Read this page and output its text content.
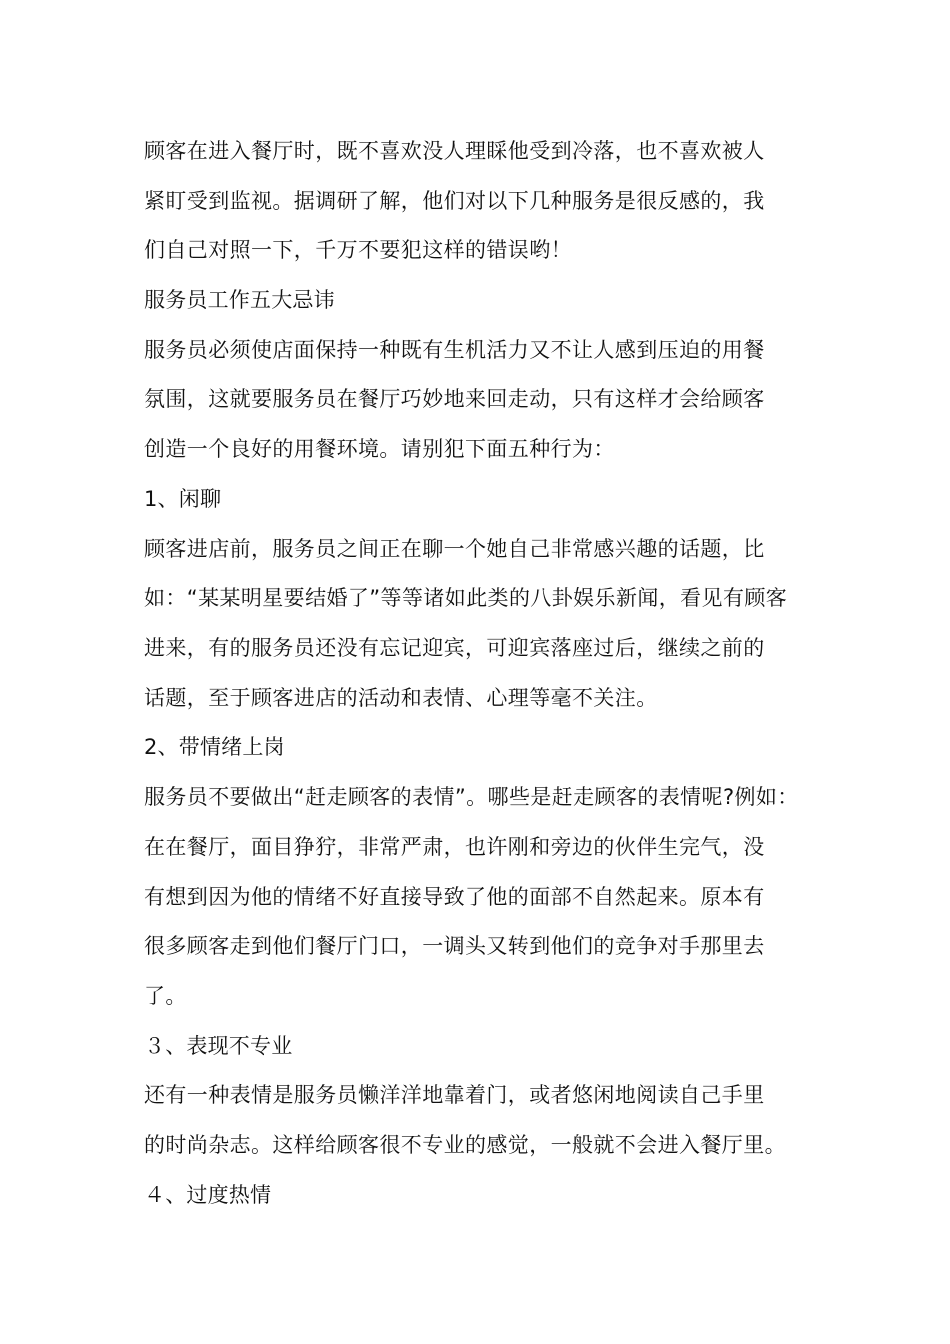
顾客在进入餐厅时，既不喜欢没人理睬他受到冷落，也不喜欢被人
紧盯受到监视。据调研了解，他们对以下几种服务是很反感的，我
们自己对照一下，千万不要犯这样的错误哟！
服务员工作五大忌讳
服务员必须使店面保持一种既有生机活力又不让人感到压迫的用餐
氛围，这就要服务员在餐厅巧妙地来回走动，只有这样才会给顾客
创造一个良好的用餐环境。请别犯下面五种行为：
1、闲聊
顾客进店前，服务员之间正在聊一个她自己非常感兴趣的话题，比
如：“某某明星要结婚了”等等诸如此类的八卦娱乐新闻，看见有顾客
进来，有的服务员还没有忘记迎宾，可迎宾落座过后，继续之前的
话题，至于顾客进店的活动和表情、心理等毫不关注。
2、带情绪上岗
服务员不要做出“赶走顾客的表情”。哪些是赶走顾客的表情呢?例如：
在在餐厅，面目狰狞，非常严肃，也许刚和旁边的伙伴生完气，没
有想到因为他的情绪不好直接导致了他的面部不自然起来。原本有
很多顾客走到他们餐厅门口，一调头又转到他们的竞争对手那里去
了。
３、表现不专业
还有一种表情是服务员懒洋洋地靠着门，或者悠闲地阅读自己手里
的时尚杂志。这样给顾客很不专业的感觉，一般就不会进入餐厅里。
４、过度热情
